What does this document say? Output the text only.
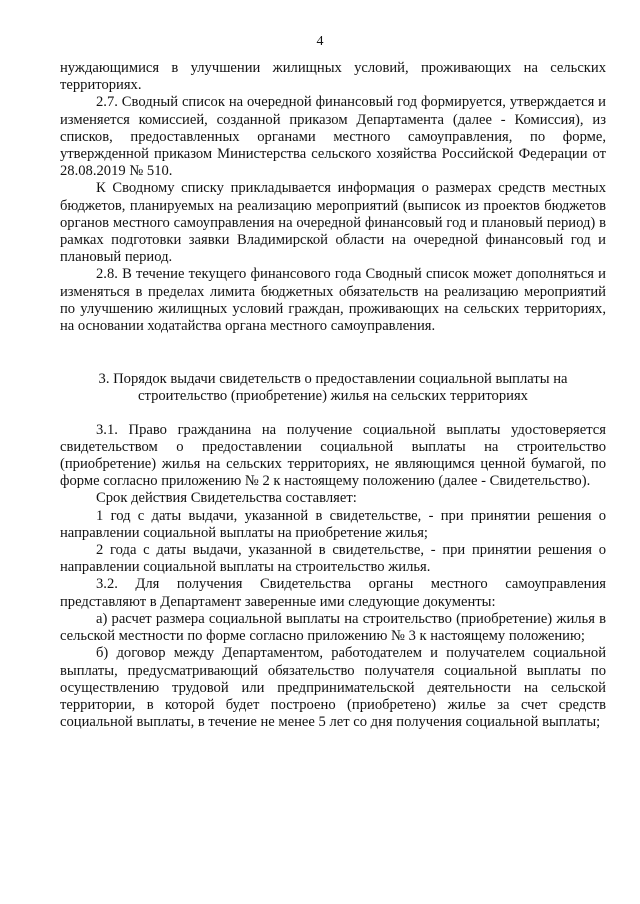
4

нуждающимися в улучшении жилищных условий, проживающих на сельских территориях.

2.7. Сводный список на очередной финансовый год формируется, утверждается и изменяется комиссией, созданной приказом Департамента (далее - Комиссия), из списков, предоставленных органами местного самоуправления, по форме, утвержденной приказом Министерства сельского хозяйства Российской Федерации от 28.08.2019 № 510.

К Сводному списку прикладывается информация о размерах средств местных бюджетов, планируемых на реализацию мероприятий (выписок из проектов бюджетов органов местного самоуправления на очередной финансовый год и плановый период) в рамках подготовки заявки Владимирской области на очередной финансовый год и плановый период.

2.8. В течение текущего финансового года Сводный список может дополняться и изменяться в пределах лимита бюджетных обязательств на реализацию мероприятий по улучшению жилищных условий граждан, проживающих на сельских территориях, на основании ходатайства органа местного самоуправления.

3. Порядок выдачи свидетельств о предоставлении социальной выплаты на строительство (приобретение) жилья на сельских территориях

3.1. Право гражданина на получение социальной выплаты удостоверяется свидетельством о предоставлении социальной выплаты на строительство (приобретение) жилья на сельских территориях, не являющимся ценной бумагой, по форме согласно приложению № 2 к настоящему положению (далее - Свидетельство).

Срок действия Свидетельства составляет:

1 год с даты выдачи, указанной в свидетельстве, - при принятии решения о направлении социальной выплаты на приобретение жилья;

2 года с даты выдачи, указанной в свидетельстве, - при принятии решения о направлении социальной выплаты на строительство жилья.

3.2. Для получения Свидетельства органы местного самоуправления представляют в Департамент заверенные ими следующие документы:

а) расчет размера социальной выплаты на строительство (приобретение) жилья в сельской местности по форме согласно приложению № 3 к настоящему положению;

б) договор между Департаментом, работодателем и получателем социальной выплаты, предусматривающий обязательство получателя социальной выплаты по осуществлению трудовой или предпринимательской деятельности на сельской территории, в которой будет построено (приобретено) жилье за счет средств социальной выплаты, в течение не менее 5 лет со дня получения социальной выплаты;
